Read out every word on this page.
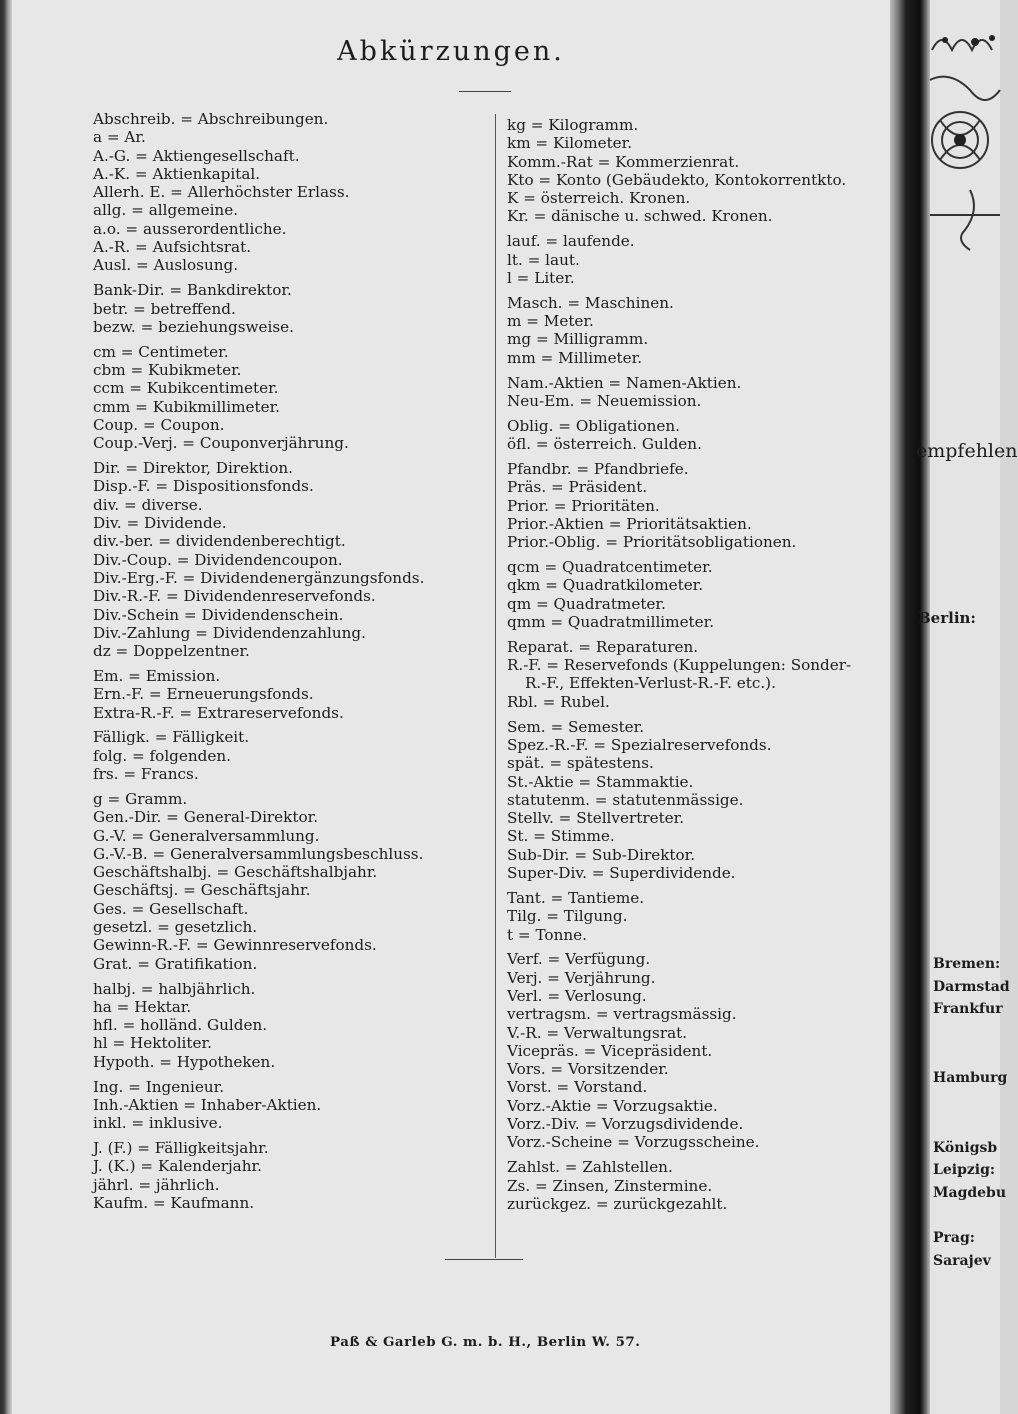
Abkürzungen.
Abschreib. = Abschreibungen.
a = Ar.
A.-G. = Aktiengesellschaft.
A.-K. = Aktienkapital.
Allerh. E. = Allerhöchster Erlass.
allg. = allgemeine.
a.o. = ausserordentliche.
A.-R. = Aufsichtsrat.
Ausl. = Auslosung.
Bank-Dir. = Bankdirektor.
betr. = betreffend.
bezw. = beziehungsweise.
cm = Centimeter.
cbm = Kubikmeter.
ccm = Kubikcentimeter.
cmm = Kubikmillimeter.
Coup. = Coupon.
Coup.-Verj. = Couponverjährung.
Dir. = Direktor, Direktion.
Disp.-F. = Dispositionsfonds.
div. = diverse.
Div. = Dividende.
div.-ber. = dividendenberechtigt.
Div.-Coup. = Dividendencoupon.
Div.-Erg.-F. = Dividendenergänzungsfonds.
Div.-R.-F. = Dividendenreservefonds.
Div.-Schein = Dividendenschein.
Div.-Zahlung = Dividendenzahlung.
dz = Doppelzentner.
Em. = Emission.
Ern.-F. = Erneuerungsfonds.
Extra-R.-F. = Extrareservefonds.
Fälligk. = Fälligkeit.
folg. = folgenden.
frs. = Francs.
g = Gramm.
Gen.-Dir. = General-Direktor.
G.-V. = Generalversammlung.
G.-V.-B. = Generalversammlungsbeschluss.
Geschäftshalbj. = Geschäftshalbjahr.
Geschäftsj. = Geschäftsjahr.
Ges. = Gesellschaft.
gesetzl. = gesetzlich.
Gewinn-R.-F. = Gewinnreservefonds.
Grat. = Gratifikation.
halbj. = halbjährlich.
ha = Hektar.
hfl. = holländ. Gulden.
hl = Hektoliter.
Hypoth. = Hypotheken.
Ing. = Ingenieur.
Inh.-Aktien = Inhaber-Aktien.
inkl. = inklusive.
J. (F.) = Fälligkeitsjahr.
J. (K.) = Kalenderjahr.
jährl. = jährlich.
Kaufm. = Kaufmann.
kg = Kilogramm.
km = Kilometer.
Komm.-Rat = Kommerzienrat.
Kto = Konto (Gebäudekto, Kontokorrentkto.
K = österreich. Kronen.
Kr. = dänische u. schwed. Kronen.
lauf. = laufende.
lt. = laut.
l = Liter.
Masch. = Maschinen.
m = Meter.
mg = Milligramm.
mm = Millimeter.
Nam.-Aktien = Namen-Aktien.
Neu-Em. = Neuemission.
Oblig. = Obligationen.
öfl. = österreich. Gulden.
Pfandbr. = Pfandbriefe.
Präs. = Präsident.
Prior. = Prioritäten.
Prior.-Aktien = Prioritätsaktien.
Prior.-Oblig. = Prioritätsobligationen.
qcm = Quadratcentimeter.
qkm = Quadratkilometer.
qm = Quadratmeter.
qmm = Quadratmillimeter.
Reparat. = Reparaturen.
R.-F. = Reservefonds (Kuppelungen: Sonder-
R.-F., Effekten-Verlust-R.-F. etc.).
Rbl. = Rubel.
Sem. = Semester.
Spez.-R.-F. = Spezialreservefonds.
spät. = spätestens.
St.-Aktie = Stammaktie.
statutenm. = statutenmässige.
Stellv. = Stellvertreter.
St. = Stimme.
Sub-Dir. = Sub-Direktor.
Super-Div. = Superdividende.
Tant. = Tantieme.
Tilg. = Tilgung.
t = Tonne.
Verf. = Verfügung.
Verj. = Verjährung.
Verl. = Verlosung.
vertragsm. = vertragsmässig.
V.-R. = Verwaltungsrat.
Vicepräs. = Vicepräsident.
Vors. = Vorsitzender.
Vorst. = Vorstand.
Vorz.-Aktie = Vorzugsaktie.
Vorz.-Div. = Vorzugsdividende.
Vorz.-Scheine = Vorzugsscheine.
Zahlst. = Zahlstellen.
Zs. = Zinsen, Zinstermine.
zurückgez. = zurückgezahlt.
Paß & Garleb G. m. b. H., Berlin W. 57.
empfehlen
Berlin:
Bremen:
Darmstad
Frankfur
Hamburg
Königsb
Leipzig:
Magdebu
Prag:
Sarajev
